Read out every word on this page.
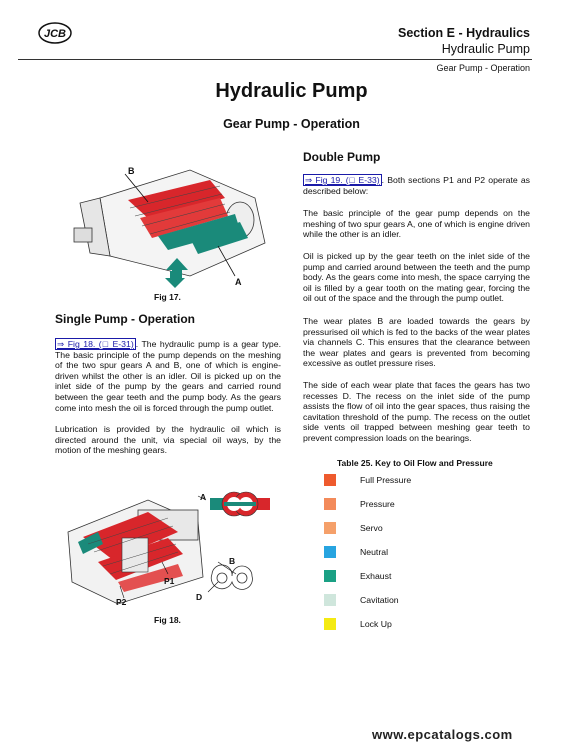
JCB	Section E - Hydraulics
Hydraulic Pump
Gear Pump - Operation
Hydraulic Pump
Gear Pump - Operation
B
A
Fig 17.
Single Pump - Operation
⇒ Fig 18. (□ E-31) . The hydraulic pump is a gear type. The basic principle of the pump depends on the meshing of the two spur gears A and B, one of which is engine-driven whilst the other is an idler. Oil is picked up on the inlet side of the pump by the gears and carried round between the gear teeth and the pump body. As the gears come into mesh the oil is forced through the pump outlet.
Lubrication is provided by the hydraulic oil which is directed around the unit, via special oil ways, by the motion of the meshing gears.
A
B
D
P1
P2
Fig 18.
Double Pump
⇒ Fig 19. (□ E-33) . Both sections P1 and P2 operate as described below:
The basic principle of the gear pump depends on the meshing of two spur gears A, one of which is engine driven while the other is an idler.
Oil is picked up by the gear teeth on the inlet side of the pump and carried around between the teeth and the pump body. As the gears come into mesh, the space carrying the oil is filled by a gear tooth on the mating gear, forcing the oil out of the space and the through the pump outlet.
The wear plates B are loaded towards the gears by pressurised oil which is fed to the backs of the wear plates via channels C. This ensures that the clearance between the wear plates and gears is prevented from becoming excessive as outlet pressure rises.
The side of each wear plate that faces the gears has two recesses D. The recess on the inlet side of the pump assists the flow of oil into the gear spaces, thus raising the cavitation threshold of the pump. The recess on the outlet side vents oil trapped between meshing gear teeth to prevent compression loads on the bearings.
Table 25. Key to Oil Flow and Pressure
Full Pressure
Pressure
Servo
Neutral
Exhaust
Cavitation
Lock Up
www.epcatalogs.com
